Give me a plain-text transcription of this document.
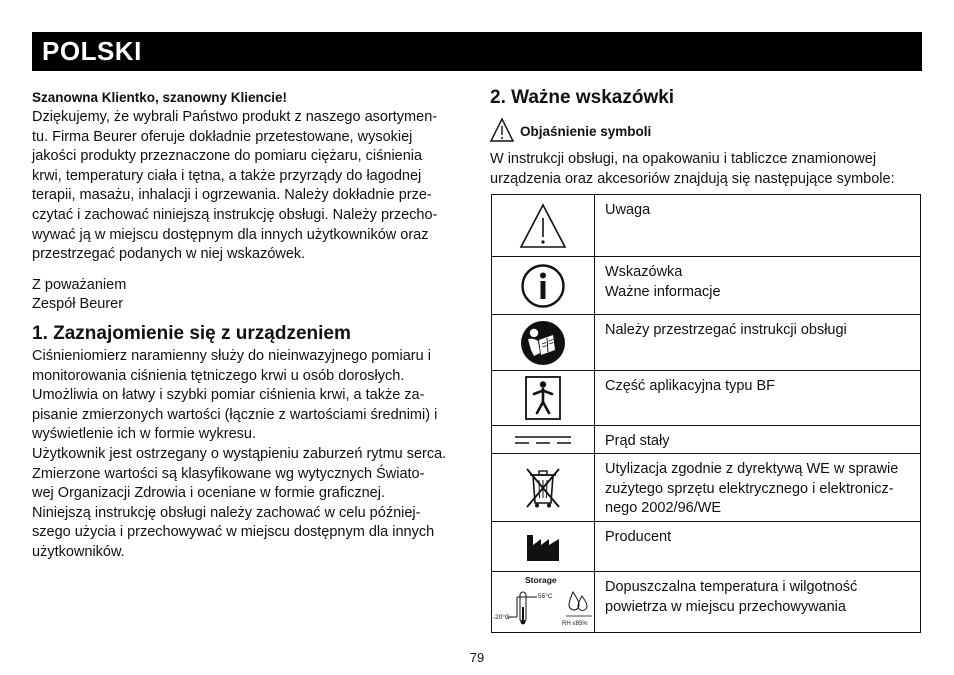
POLSKI

Szanowna Klientko, szanowny Kliencie!

Dziękujemy, że wybrali Państwo produkt z naszego asortymen-
tu. Firma Beurer oferuje dokładnie przetestowane, wysokiej
jakości produkty przeznaczone do pomiaru ciężaru, ciśnienia
krwi, temperatury ciała i tętna, a także przyrządy do łagodnej
terapii, masażu, inhalacji i ogrzewania. Należy dokładnie prze-
czytać i zachować niniejszą instrukcję obsługi. Należy przecho-
wywać ją w miejscu dostępnym dla innych użytkowników oraz
przestrzegać podanych w niej wskazówek.

Z poważaniem
Zespół Beurer

1. Zaznajomienie się z urządzeniem

Ciśnieniomierz naramienny służy do nieinwazyjnego pomiaru i
monitorowania ciśnienia tętniczego krwi u osób dorosłych.
Umożliwia on łatwy i szybki pomiar ciśnienia krwi, a także za-
pisanie zmierzonych wartości (łącznie z wartościami średnimi) i
wyświetlenie ich w formie wykresu.
Użytkownik jest ostrzegany o wystąpieniu zaburzeń rytmu serca.
Zmierzone wartości są klasyfikowane wg wytycznych Świato-
wej Organizacji Zdrowia i oceniane w formie graficznej.
Niniejszą instrukcję obsługi należy zachować w celu później-
szego użycia i przechowywać w miejscu dostępnym dla innych
użytkowników.

2. Ważne wskazówki

Objaśnienie symboli

W instrukcji obsługi, na opakowaniu i tabliczce znamionowej
urządzenia oraz akcesoriów znajdują się następujące symbole:

Uwaga
Wskazówka
Ważne informacje
Należy przestrzegać instrukcji obsługi
Część aplikacyjna typu BF
Prąd stały
Utylizacja zgodnie z dyrektywą WE w sprawie
zużytego sprzętu elektrycznego i elektronicz-
nego 2002/96/WE
Producent
Storage
55°C
-20°C
RH ≤85%
Dopuszczalna temperatura i wilgotność
powietrza w miejscu przechowywania
79
